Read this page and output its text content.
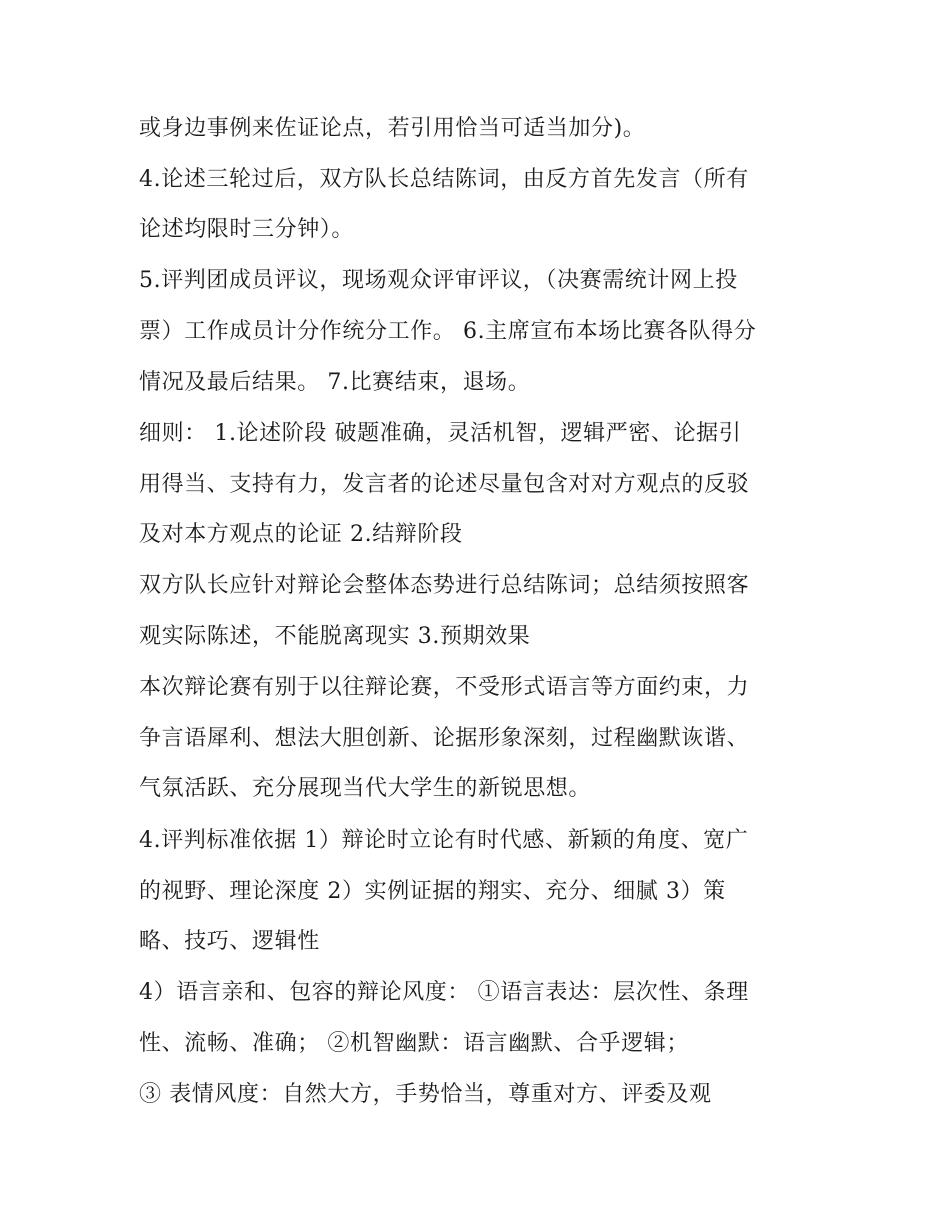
或身边事例来佐证论点，若引用恰当可适当加分)。

4.论述三轮过后，双方队长总结陈词，由反方首先发言（所有

论述均限时三分钟）。

5.评判团成员评议，现场观众评审评议，（决赛需统计网上投

票）工作成员计分作统分工作。 6.主席宣布本场比赛各队得分

情况及最后结果。 7.比赛结束，退场。

细则： 1.论述阶段 破题准确，灵活机智，逻辑严密、论据引

用得当、支持有力，发言者的论述尽量包含对对方观点的反驳

及对本方观点的论证 2.结辩阶段

双方队长应针对辩论会整体态势进行总结陈词；总结须按照客

观实际陈述，不能脱离现实 3.预期效果

本次辩论赛有别于以往辩论赛，不受形式语言等方面约束，力

争言语犀利、想法大胆创新、论据形象深刻，过程幽默诙谐、

气氛活跃、充分展现当代大学生的新锐思想。

4.评判标准依据 1）辩论时立论有时代感、新颖的角度、宽广

的视野、理论深度 2）实例证据的翔实、充分、细腻 3）策

略、技巧、逻辑性

4）语言亲和、包容的辩论风度： ①语言表达：层次性、条理

性、流畅、准确； ②机智幽默：语言幽默、合乎逻辑；

③ 表情风度：自然大方，手势恰当，尊重对方、评委及观
